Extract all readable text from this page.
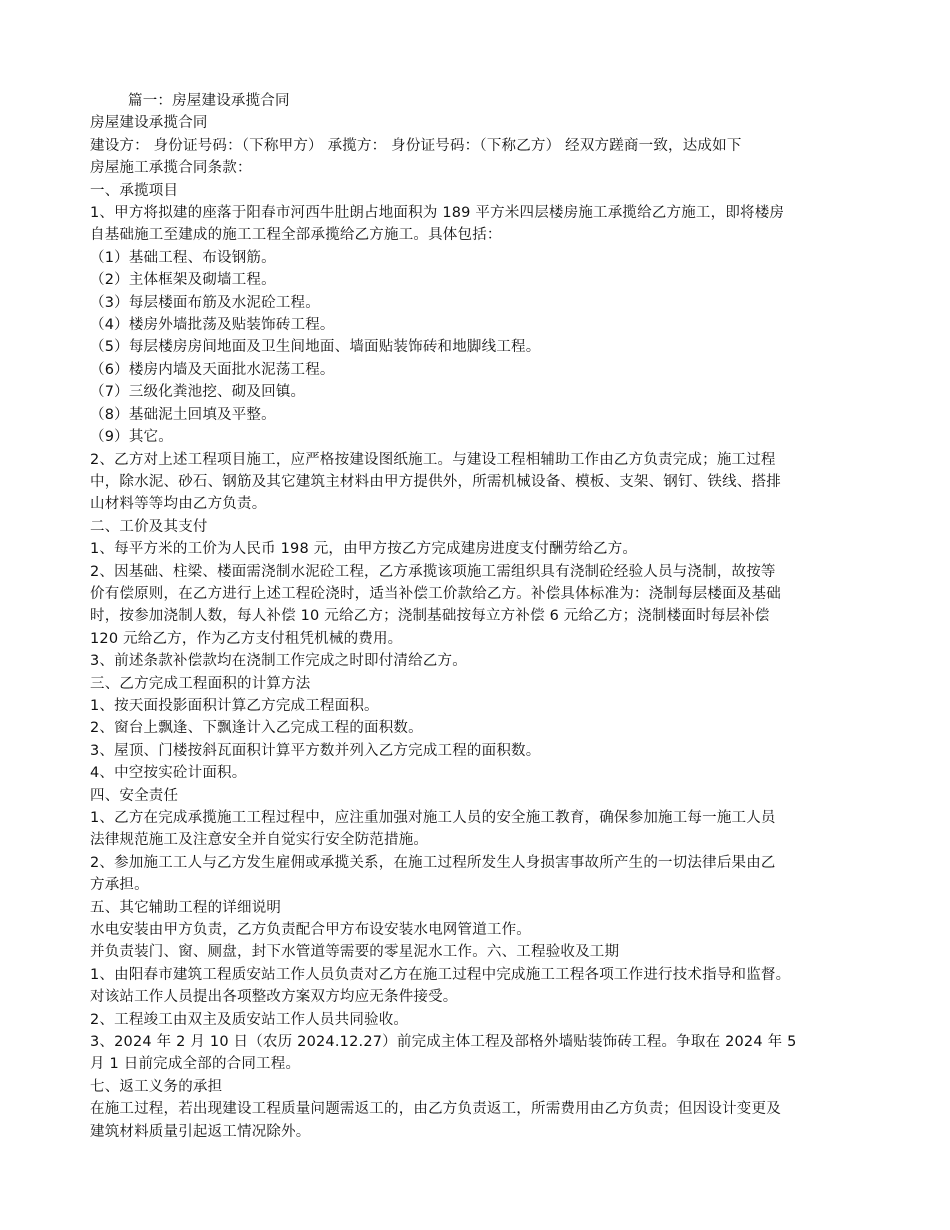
篇一：房屋建设承揽合同
房屋建设承揽合同
建设方： 身份证号码：（下称甲方） 承揽方： 身份证号码：（下称乙方） 经双方蹉商一致，达成如下
房屋施工承揽合同条款：
一、承揽项目
1、甲方将拟建的座落于阳春市河西牛肚朗占地面积为 189 平方米四层楼房施工承揽给乙方施工，即将楼房
自基础施工至建成的施工工程全部承揽给乙方施工。具体包括：
（1）基础工程、布设钢筋。
（2）主体框架及砌墙工程。
（3）每层楼面布筋及水泥砼工程。
（4）楼房外墙批荡及贴装饰砖工程。
（5）每层楼房房间地面及卫生间地面、墙面贴装饰砖和地脚线工程。
（6）楼房内墙及天面批水泥荡工程。
（7）三级化粪池挖、砌及回镇。
（8）基础泥土回填及平整。
（9）其它。
2、乙方对上述工程项目施工，应严格按建设图纸施工。与建设工程相辅助工作由乙方负责完成；施工过程
中，除水泥、砂石、钢筋及其它建筑主材料由甲方提供外，所需机械设备、模板、支架、钢钉、铁线、搭排
山材料等等均由乙方负责。
二、工价及其支付
1、每平方米的工价为人民币 198 元，由甲方按乙方完成建房进度支付酬劳给乙方。
2、因基础、柱梁、楼面需浇制水泥砼工程，乙方承揽该项施工需组织具有浇制砼经验人员与浇制，故按等
价有偿原则，在乙方进行上述工程砼浇时，适当补偿工价款给乙方。补偿具体标准为：浇制每层楼面及基础
时，按参加浇制人数，每人补偿 10 元给乙方；浇制基础按每立方补偿 6 元给乙方；浇制楼面时每层补偿
120 元给乙方，作为乙方支付租凭机械的费用。
3、前述条款补偿款均在浇制工作完成之时即付清给乙方。
三、乙方完成工程面积的计算方法
1、按天面投影面积计算乙方完成工程面积。
2、窗台上飘逢、下飘逢计入乙完成工程的面积数。
3、屋顶、门楼按斜瓦面积计算平方数并列入乙方完成工程的面积数。
4、中空按实砼计面积。
四、安全责任
1、乙方在完成承揽施工工程过程中，应注重加强对施工人员的安全施工教育，确保参加施工每一施工人员
法律规范施工及注意安全并自觉实行安全防范措施。
2、参加施工工人与乙方发生雇佣或承揽关系，在施工过程所发生人身损害事故所产生的一切法律后果由乙
方承担。
五、其它辅助工程的详细说明
水电安装由甲方负责，乙方负责配合甲方布设安装水电网管道工作。
并负责装门、窗、厕盘，封下水管道等需要的零星泥水工作。六、工程验收及工期
1、由阳春市建筑工程质安站工作人员负责对乙方在施工过程中完成施工工程各项工作进行技术指导和监督。
对该站工作人员提出各项整改方案双方均应无条件接受。
2、工程竣工由双主及质安站工作人员共同验收。
3、2024 年 2 月 10 日（农历 2024.12.27）前完成主体工程及部格外墙贴装饰砖工程。争取在 2024 年 5
月 1 日前完成全部的合同工程。
七、返工义务的承担
在施工过程，若出现建设工程质量问题需返工的，由乙方负责返工，所需费用由乙方负责；但因设计变更及
建筑材料质量引起返工情况除外。
